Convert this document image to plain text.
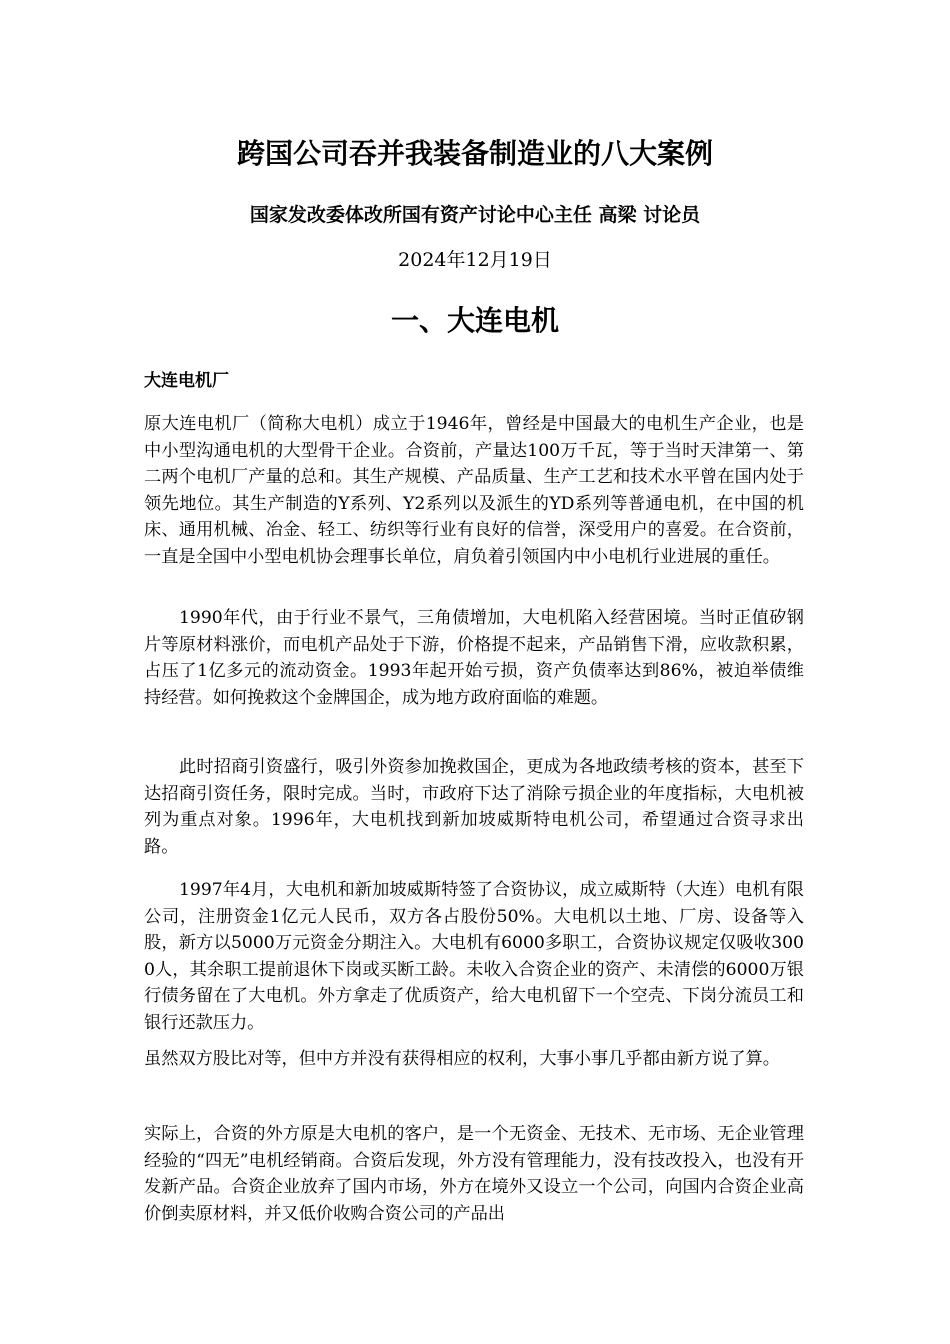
跨国公司吞并我装备制造业的八大案例
国家发改委体改所国有资产讨论中心主任 高梁 讨论员
2024年12月19日
一、大连电机
大连电机厂
原大连电机厂（简称大电机）成立于1946年，曾经是中国最大的电机生产企业，也是中小型沟通电机的大型骨干企业。合资前，产量达100万千瓦，等于当时天津第一、第二两个电机厂产量的总和。其生产规模、产品质量、生产工艺和技术水平曾在国内处于领先地位。其生产制造的Y系列、Y2系列以及派生的YD系列等普通电机，在中国的机床、通用机械、冶金、轻工、纺织等行业有良好的信誉，深受用户的喜爱。在合资前，一直是全国中小型电机协会理事长单位，肩负着引领国内中小电机行业进展的重任。
1990年代，由于行业不景气，三角债增加，大电机陷入经营困境。当时正值矽钢片等原材料涨价，而电机产品处于下游，价格提不起来，产品销售下滑，应收款积累，占压了1亿多元的流动资金。1993年起开始亏损，资产负债率达到86%，被迫举债维持经营。如何挽救这个金牌国企，成为地方政府面临的难题。
此时招商引资盛行，吸引外资参加挽救国企，更成为各地政绩考核的资本，甚至下达招商引资任务，限时完成。当时，市政府下达了消除亏损企业的年度指标，大电机被列为重点对象。1996年，大电机找到新加坡威斯特电机公司，希望通过合资寻求出路。
1997年4月，大电机和新加坡威斯特签了合资协议，成立威斯特（大连）电机有限公司，注册资金1亿元人民币，双方各占股份50%。大电机以土地、厂房、设备等入股，新方以5000万元资金分期注入。大电机有6000多职工，合资协议规定仅吸收3000人，其余职工提前退休下岗或买断工龄。未收入合资企业的资产、未清偿的6000万银行债务留在了大电机。外方拿走了优质资产，给大电机留下一个空壳、下岗分流员工和银行还款压力。
虽然双方股比对等，但中方并没有获得相应的权利，大事小事几乎都由新方说了算。
实际上，合资的外方原是大电机的客户，是一个无资金、无技术、无市场、无企业管理经验的“四无”电机经销商。合资后发现，外方没有管理能力，没有技改投入，也没有开发新产品。合资企业放弃了国内市场，外方在境外又设立一个公司，向国内合资企业高价倒卖原材料，并又低价收购合资公司的产品出
